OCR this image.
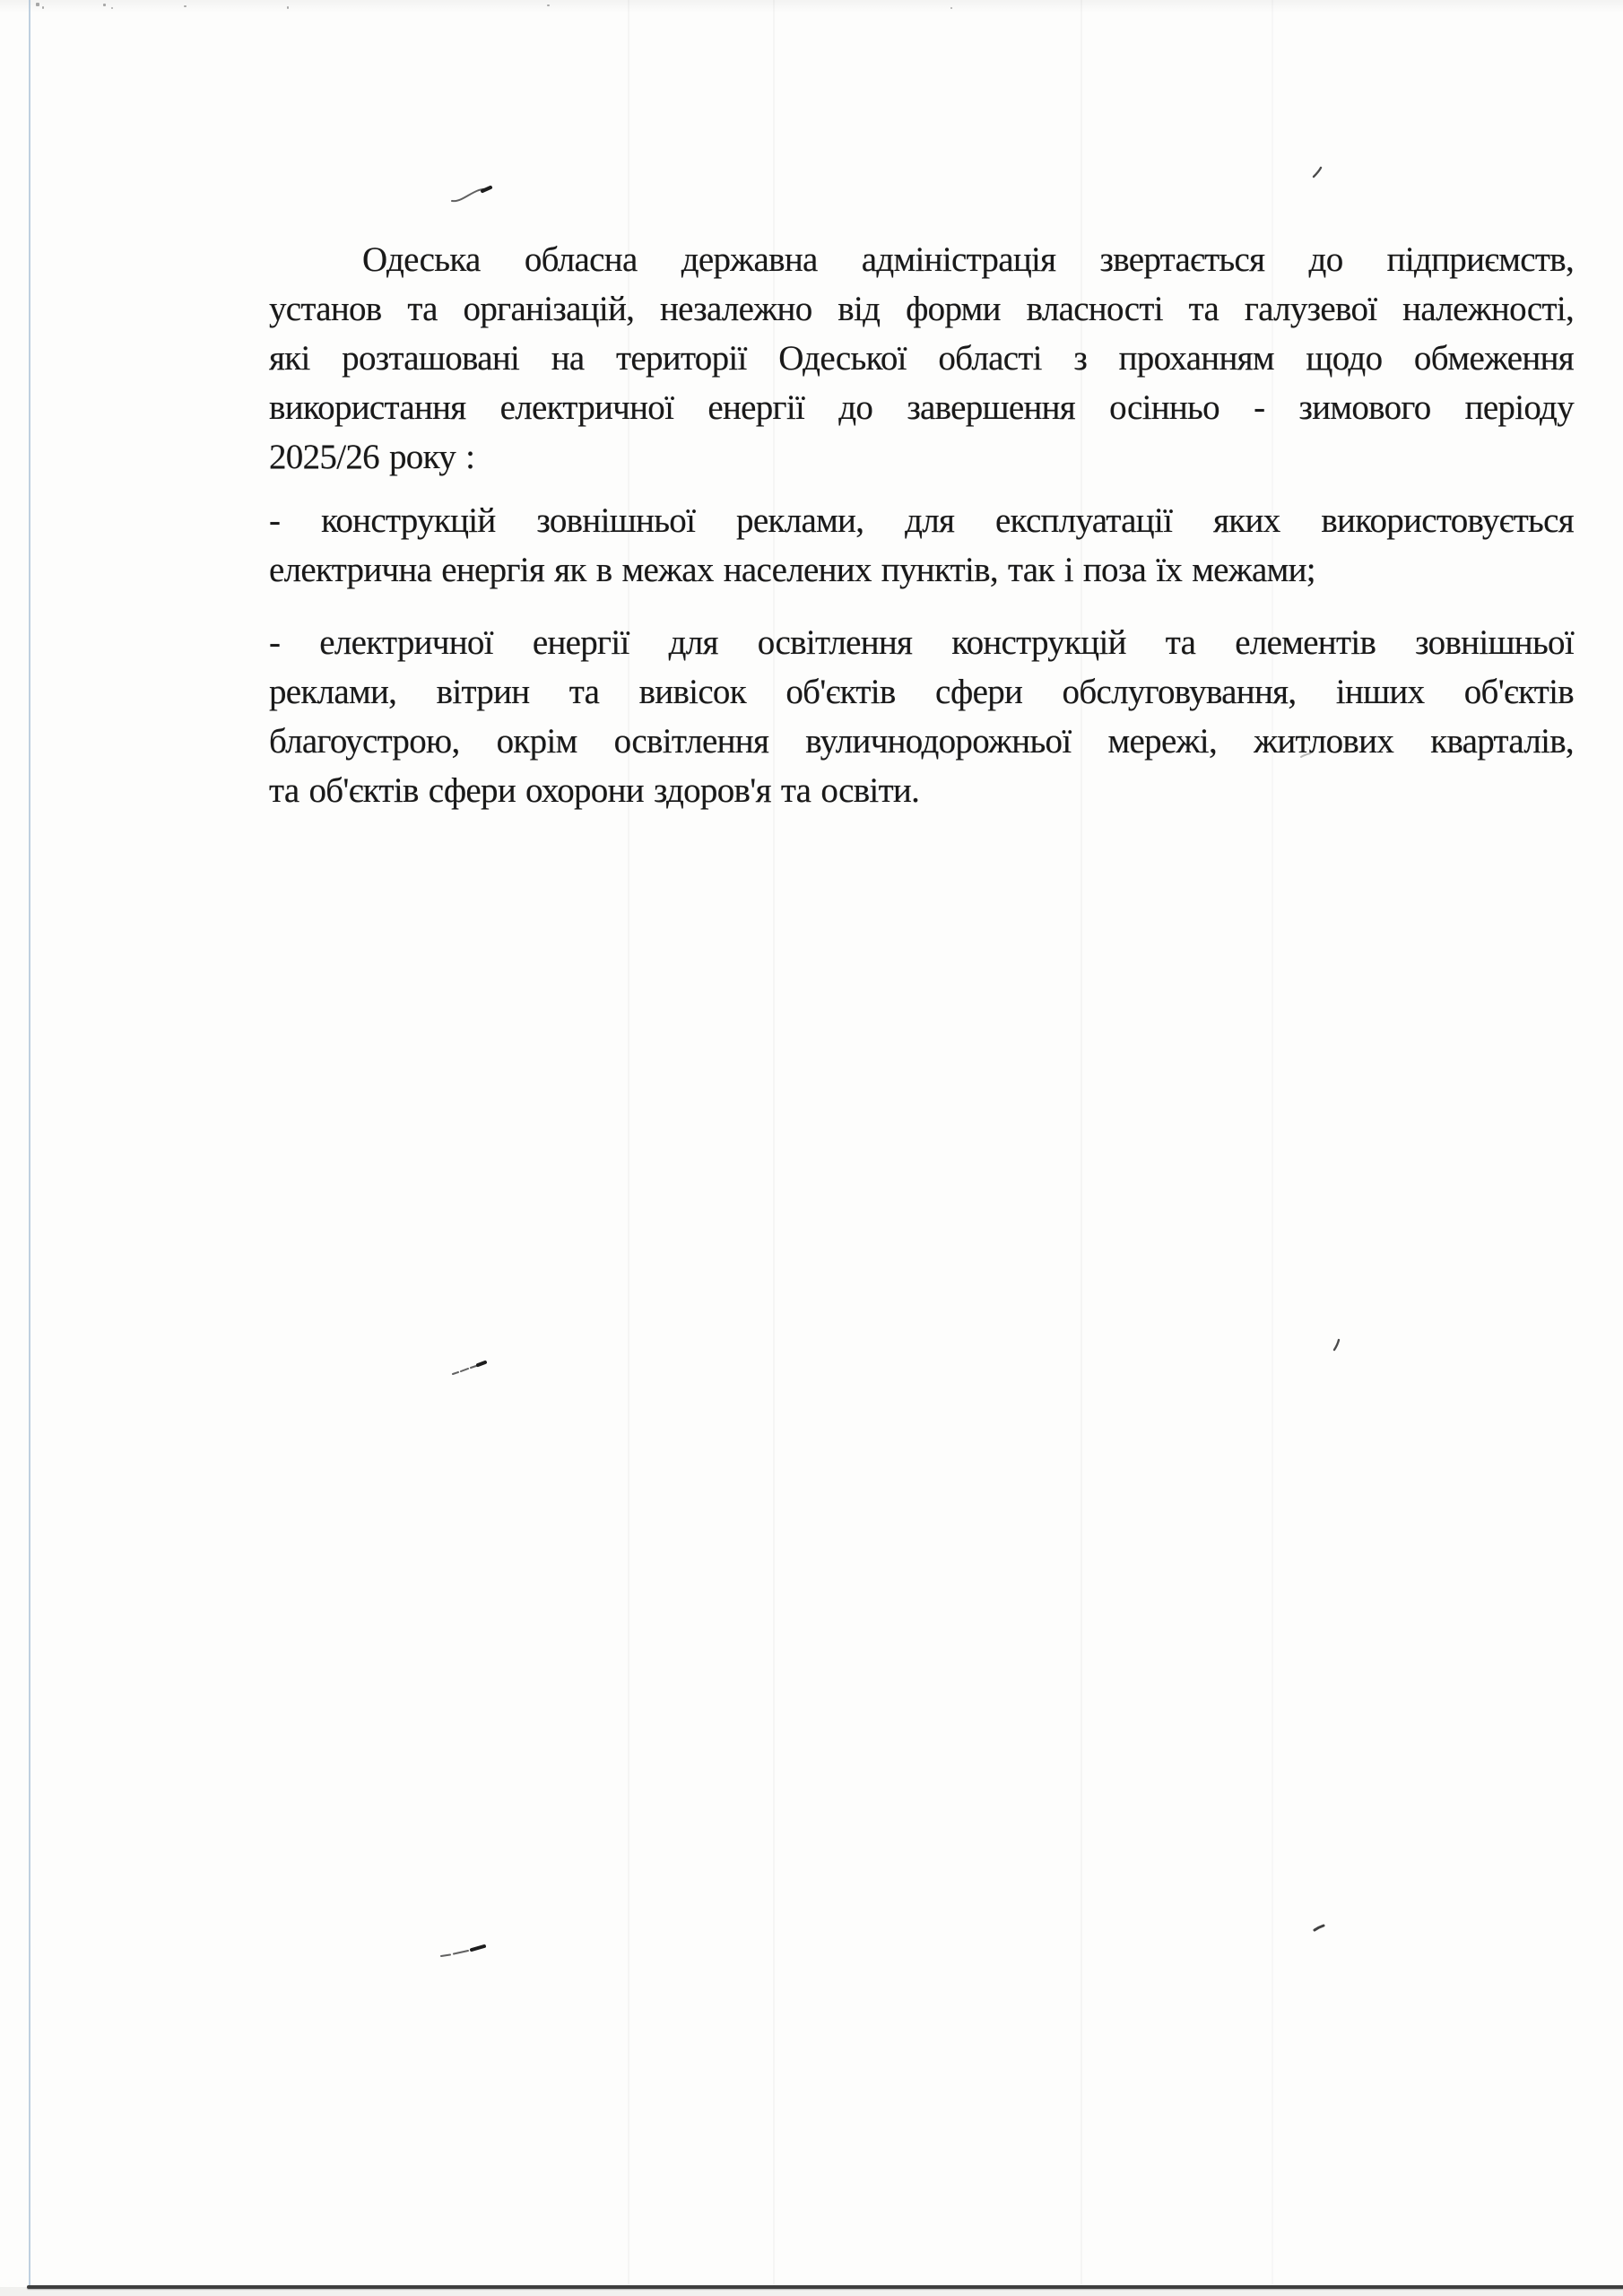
Одеська обласна державна адміністрація звертається до підприємств,
установ та організацій, незалежно від форми власності та галузевої належності,
які розташовані на території Одеської області з проханням щодо обмеження
використання електричної енергії до завершення осінньо - зимового періоду
2025/26 року :

- конструкцій зовнішньої реклами, для експлуатації яких використовується
електрична енергія як в межах населених пунктів, так і поза їх межами;

- електричної енергії для освітлення конструкцій та елементів зовнішньої
реклами, вітрин та вивісок об'єктів сфери обслуговування, інших об'єктів
благоустрою, окрім освітлення вуличнодорожньої мережі, житлових кварталів,
та об'єктів сфери охорони здоров'я та освіти.
